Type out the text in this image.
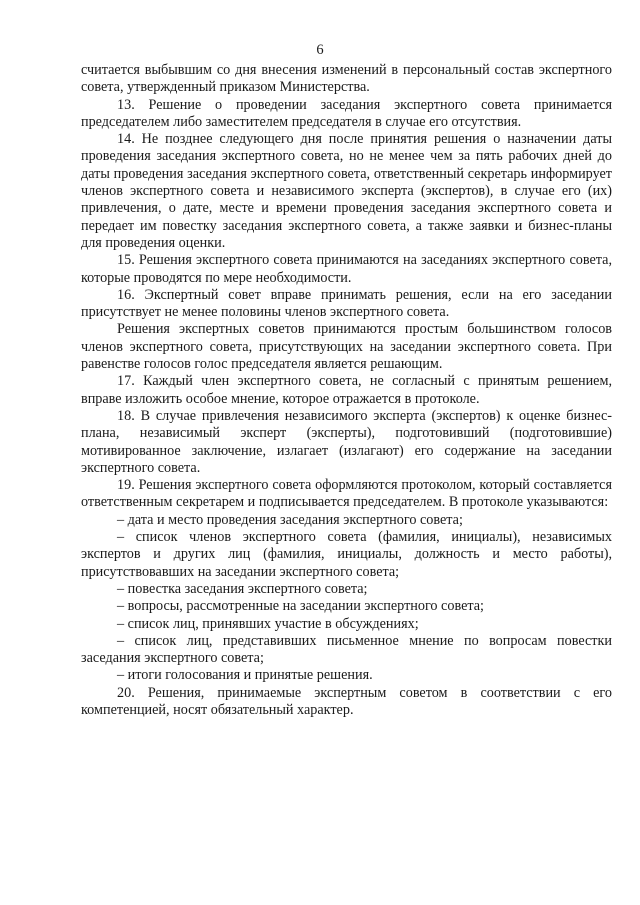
6

считается выбывшим со дня внесения изменений в персональный состав экспертного совета, утвержденный приказом Министерства.

13. Решение о проведении заседания экспертного совета принимается председателем либо заместителем председателя в случае его отсутствия.

14. Не позднее следующего дня после принятия решения о назначении даты проведения заседания экспертного совета, но не менее чем за пять рабочих дней до даты проведения заседания экспертного совета, ответственный секретарь информирует членов экспертного совета и независимого эксперта (экспертов), в случае его (их) привлечения, о дате, месте и времени проведения заседания экспертного совета и передает им повестку заседания экспертного совета, а также заявки и бизнес-планы для проведения оценки.

15. Решения экспертного совета принимаются на заседаниях экспертного совета, которые проводятся по мере необходимости.

16. Экспертный совет вправе принимать решения, если на его заседании присутствует не менее половины членов экспертного совета.

Решения экспертных советов принимаются простым большинством голосов членов экспертного совета, присутствующих на заседании экспертного совета. При равенстве голосов голос председателя является решающим.

17. Каждый член экспертного совета, не согласный с принятым решением, вправе изложить особое мнение, которое отражается в протоколе.

18. В случае привлечения независимого эксперта (экспертов) к оценке бизнес-плана, независимый эксперт (эксперты), подготовивший (подготовившие) мотивированное заключение, излагает (излагают) его содержание на заседании экспертного совета.

19. Решения экспертного совета оформляются протоколом, который составляется ответственным секретарем и подписывается председателем. В протоколе указываются:

– дата и место проведения заседания экспертного совета;

– список членов экспертного совета (фамилия, инициалы), независимых экспертов и других лиц (фамилия, инициалы, должность и место работы), присутствовавших на заседании экспертного совета;

– повестка заседания экспертного совета;

– вопросы, рассмотренные на заседании экспертного совета;

– список лиц, принявших участие в обсуждениях;

– список лиц, представивших письменное мнение по вопросам повестки заседания экспертного совета;

– итоги голосования и принятые решения.

20. Решения, принимаемые экспертным советом в соответствии с его компетенцией, носят обязательный характер.
